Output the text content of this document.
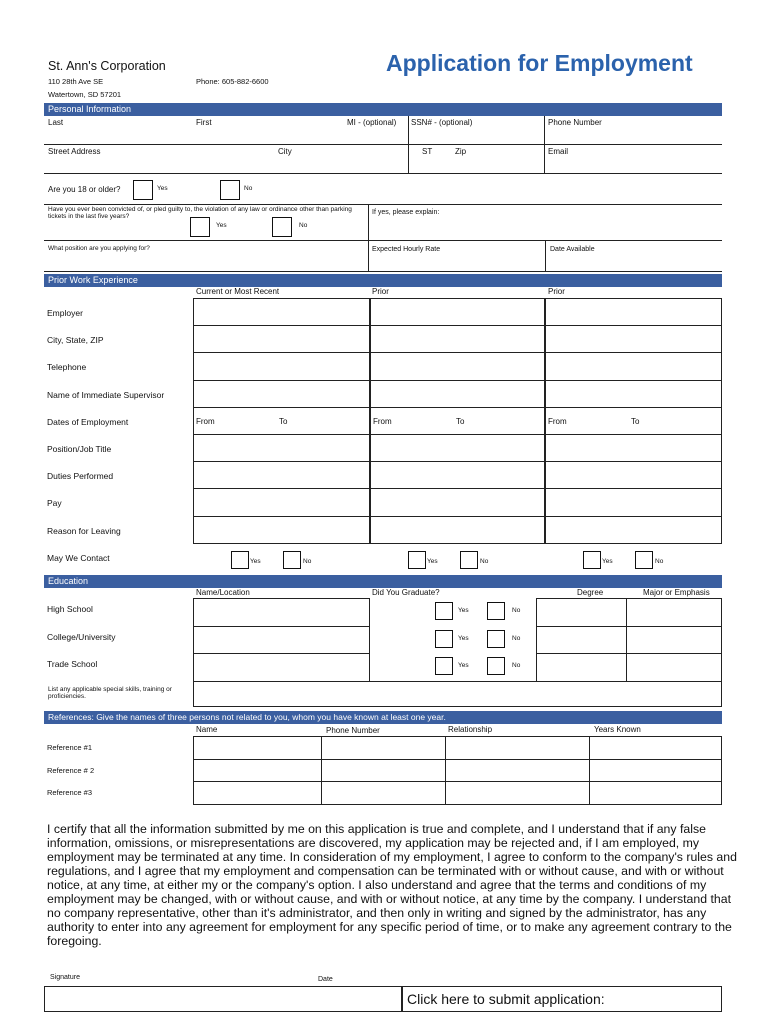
St. Ann's Corporation
110 28th Ave SE
Watertown, SD 57201
Phone: 605-882-6600
Application for Employment
Personal Information
Last	First	MI - (optional) SSN# - (optional)	Phone Number
Street Address	City	ST	Zip	Email
Are you 18 or older?	Yes	No
Have you ever been convicted of, or pled guilty to, the violation of any law or ordinance other than parking tickets in the last five years?
Yes	No
If yes, please explain:
What position are you applying for?	Expected Hourly Rate	Date Available
Prior Work Experience
Current or Most Recent	Prior	Prior
Employer
City, State, ZIP
Telephone
Name of Immediate Supervisor
Dates of Employment	From	To	From	To	From	To
Position/Job Title
Duties Performed
Pay
Reason for Leaving
May We Contact	Yes	No	Yes	No	Yes	No
Education
Name/Location	Did You Graduate?	Degree	Major or Emphasis
High School	Yes	No
College/University	Yes	No
Trade School	Yes	No
List any applicable special skills, training or proficiencies.
References: Give the names of three persons not related to you, whom you have known at least one year.
Name	Phone Number	Relationship	Years Known
Reference #1
Reference # 2
Reference #3
I certify that all the information submitted by me on this application is true and complete, and I understand that if any false information, omissions, or misrepresentations are discovered, my application may be rejected and, if I am employed, my employment may be terminated at any time. In consideration of my employment, I agree to conform to the company's rules and regulations, and I agree that my employment and compensation can be terminated with or without cause, and with or without notice, at any time, at either my or the company's option. I also understand and agree that the terms and conditions of my employment may be changed, with or without cause, and with or without notice, at any time by the company. I understand that no company representative, other than it's administrator, and then only in writing and signed by the administrator, has any authority to enter into any agreement for employment for any specific period of time, or to make any agreement contrary to the foregoing.
Signature	Date
Click here to submit application:
